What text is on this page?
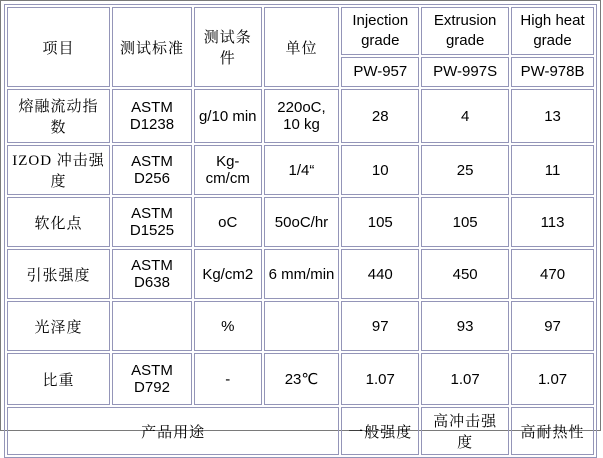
项目	测试标准	测试条件	单位	Injection grade	Extrusion grade	High heat grade
				PW-957	PW-997S	PW-978B
熔融流动指数	ASTM D1238	g/10 min	220oC, 10 kg	28	4	13
IZOD 冲击强度	ASTM D256	Kg-cm/cm	1/4“	10	25	11
软化点	ASTM D1525	oC	50oC/hr	105	105	113
引张强度	ASTM D638	Kg/cm2	6 mm/min	440	450	470
光泽度		%		97	93	97
比重	ASTM D792	-	23℃	1.07	1.07	1.07
产品用途				一般强度	高冲击强度	高耐热性
